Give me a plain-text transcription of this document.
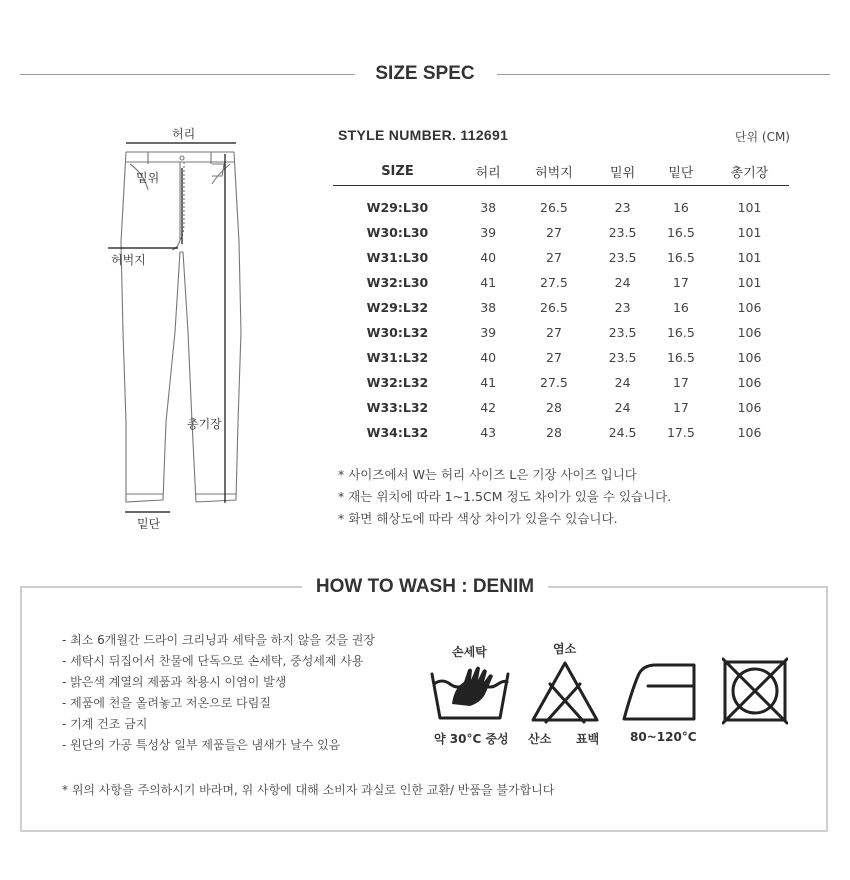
SIZE SPEC
허리
밑위
허벅지
총기장
밑단
STYLE NUMBER. 112691	단위 (CM)
SIZE	허리	허벅지	밑위	밑단	총기장

W29:L30	38	26.5	23	16	101
W30:L30	39	27	23.5	16.5	101
W31:L30	40	27	23.5	16.5	101
W32:L30	41	27.5	24	17	101
W29:L32	38	26.5	23	16	106
W30:L32	39	27	23.5	16.5	106
W31:L32	40	27	23.5	16.5	106
W32:L32	41	27.5	24	17	106
W33:L32	42	28	24	17	106
W34:L32	43	28	24.5	17.5	106
* 사이즈에서 W는 허리 사이즈 L은 기장 사이즈 입니다
* 재는 위치에 따라 1~1.5CM 정도 차이가 있을 수 있습니다.
* 화면 해상도에 따라 색상 차이가 있을수 있습니다.
HOW TO WASH : DENIM
- 최소 6개월간 드라이 크리닝과 세탁을 하지 않을 것을 권장
- 세탁시 뒤집어서 찬물에 단독으로 손세탁, 중성세제 사용
- 밝은색 계열의 제품과 착용시 이염이 발생
- 제품에 천을 올려놓고 저온으로 다림질
- 기계 건조 금지
- 원단의 가공 특성상 일부 제품들은 냄새가 날수 있음
손세탁
약 30°C 중성
염소
산소 표백	80~120°C
* 위의 사항을 주의하시기 바라며, 위 사항에 대해 소비자 과실로 인한 교환/ 반품을 불가합니다
